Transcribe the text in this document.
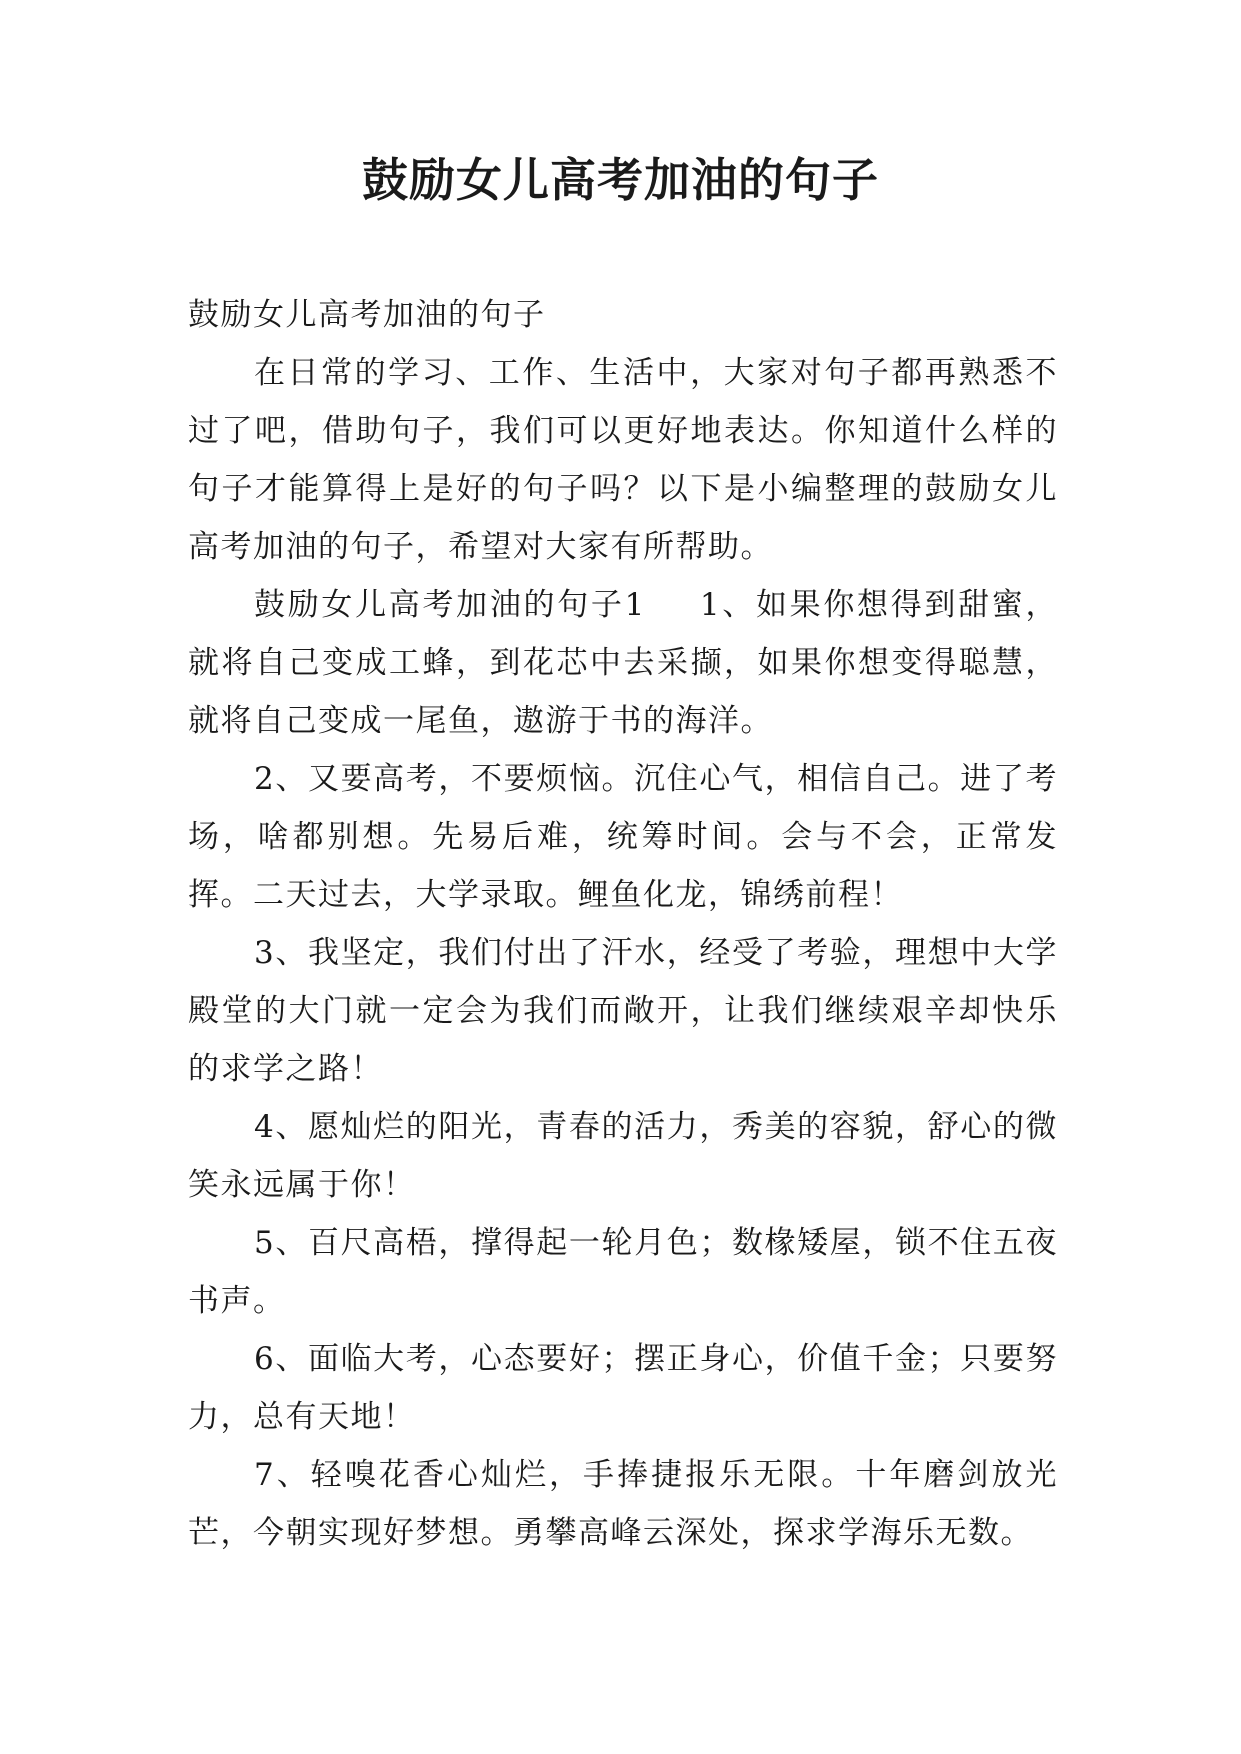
鼓励女儿高考加油的句子

鼓励女儿高考加油的句子

在日常的学习、工作、生活中，大家对句子都再熟悉不过了吧，借助句子，我们可以更好地表达。你知道什么样的句子才能算得上是好的句子吗？以下是小编整理的鼓励女儿高考加油的句子，希望对大家有所帮助。

鼓励女儿高考加油的句子1 1、如果你想得到甜蜜，就将自己变成工蜂，到花芯中去采撷，如果你想变得聪慧，就将自己变成一尾鱼，遨游于书的海洋。

2、又要高考，不要烦恼。沉住心气，相信自己。进了考场，啥都别想。先易后难，统筹时间。会与不会，正常发挥。二天过去，大学录取。鲤鱼化龙，锦绣前程！

3、我坚定，我们付出了汗水，经受了考验，理想中大学殿堂的大门就一定会为我们而敞开，让我们继续艰辛却快乐的求学之路！

4、愿灿烂的阳光，青春的活力，秀美的容貌，舒心的微笑永远属于你！

5、百尺高梧，撑得起一轮月色；数椽矮屋，锁不住五夜书声。

6、面临大考，心态要好；摆正身心，价值千金；只要努力，总有天地！

7、轻嗅花香心灿烂，手捧捷报乐无限。十年磨剑放光芒，今朝实现好梦想。勇攀高峰云深处，探求学海乐无数。
